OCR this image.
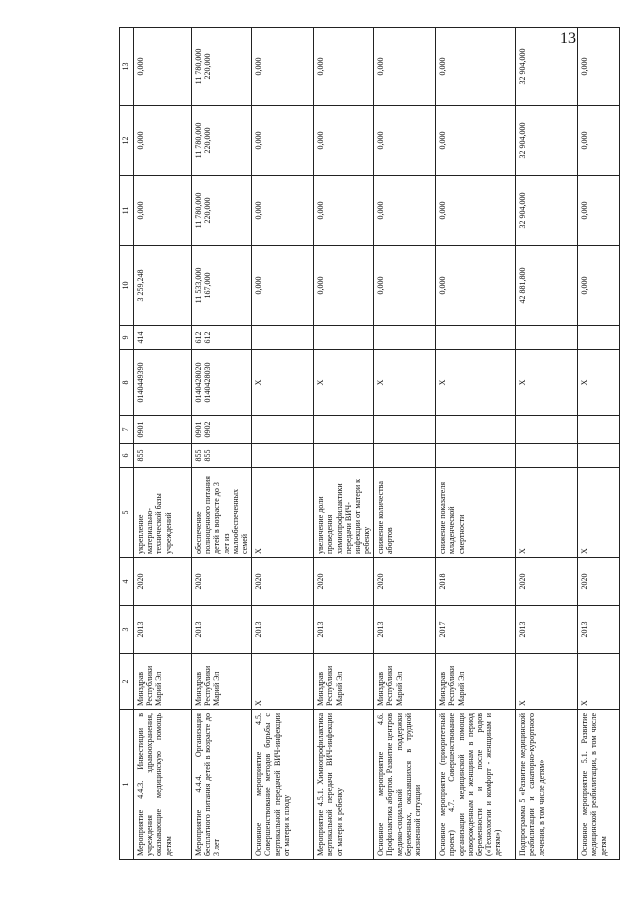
13
1	2	3	4	5	6	7	8	9	10	11	12	13
Мероприятие 4.4.3. Инвестиции в учреждения здравоохранения, оказывающие медицинскую помощь детям	Минздрав Республики Марий Эл	2013	2020	укрепление материально-технической базы учреждений	855	0901	0140449390	414	3 259,248	0,000	0,000	0,000

Мероприятие 4.4.4. Организация бесплатного питания детей в возрасте до 3 лет	Минздрав Республики Марий Эл	2013	2020	обеспечение полноценного питания детей в возрасте до 3 лет из малообеспеченных семей	855 855	0901 0902	0140428020 0140428030	612 612	11 533,000 167,000	11 780,000 220,000	11 780,000 220,000	11 780,000 220,000

Основное мероприятие 4.5. Совершенствование методов борьбы с вертикальной передачей ВИЧ-инфекции от матери к плоду	X	2013	2020	X			X		0,000	0,000	0,000	0,000

Мероприятие 4.5.1. Химиопрофилактика вертикальной передачи ВИЧ-инфекции от матери к ребенку	Минздрав Республики Марий Эл	2013	2020	увеличение доли проведения химиопрофилактики передачи ВИЧ-инфекции от матери к ребенку			X		0,000	0,000	0,000	0,000

Основное мероприятие 4.6. Профилактика абортов. Развитие центров медико-социальной поддержки беременных, оказавшихся в трудной жизненной ситуации	Минздрав Республики Марий Эл	2013	2020	снижение количества абортов			X		0,000	0,000	0,000	0,000

Основное мероприятие (приоритетный проект) 4.7. Совершенствование организации медицинской помощи новорожденным и женщинам в период беременности и после родов («Технологии и комфорт - женщинам и детям»)	Минздрав Республики Марий Эл	2017	2018	снижение показателя младенческой смертности			X		0,000	0,000	0,000	0,000

Подпрограмма 5 «Развитие медицинской реабилитации и санаторно-курортного лечения, в том числе детям»	X	2013	2020	X			X		42 881,800	32 904,000	32 904,000	32 904,000

Основное мероприятие 5.1. Развитие медицинской реабилитации, в том числе детям	X	2013	2020	X			X		0,000	0,000	0,000	0,000
